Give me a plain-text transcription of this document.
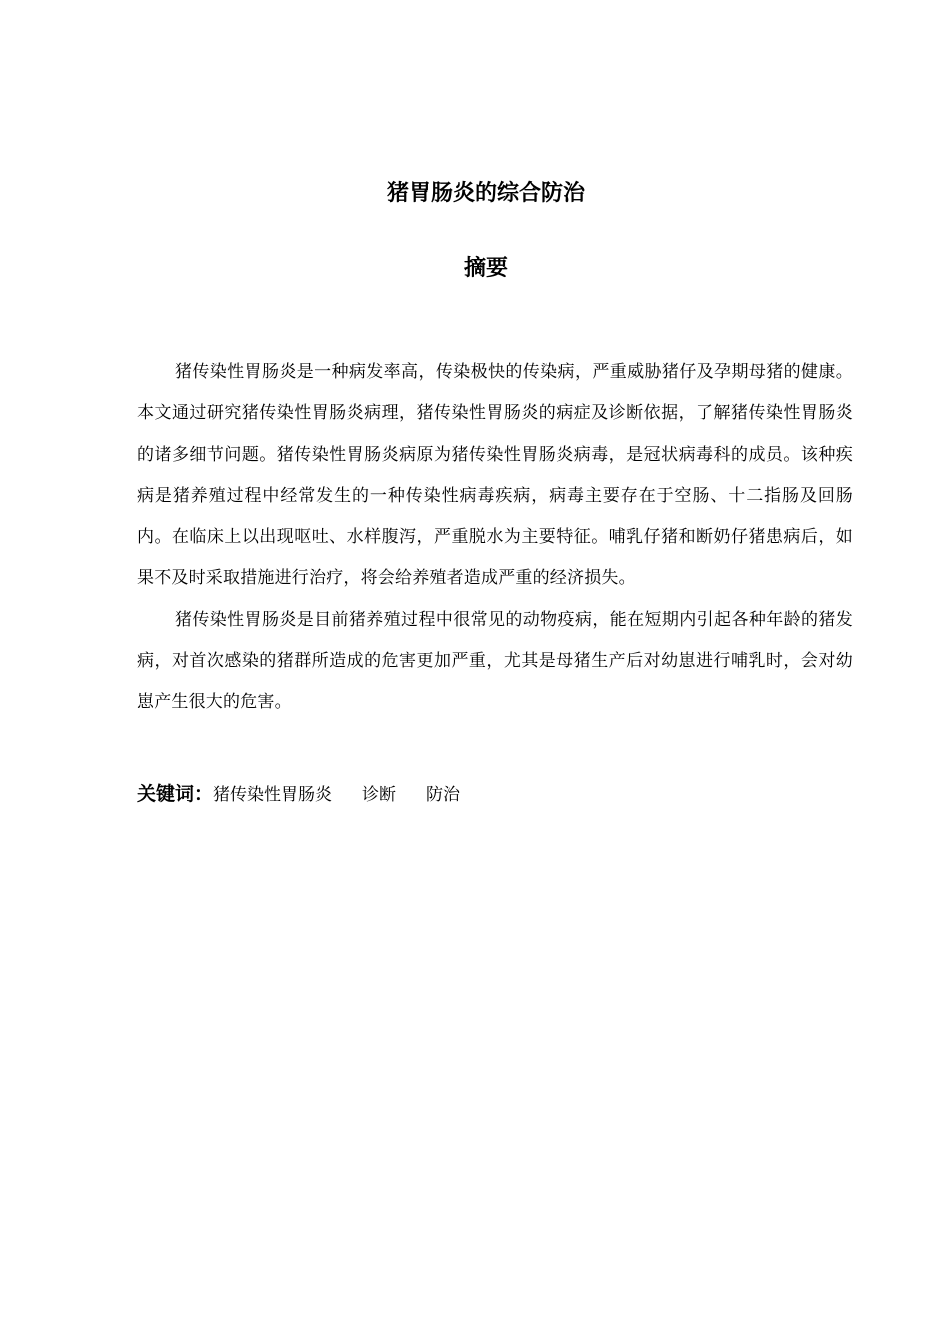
猪胃肠炎的综合防治
摘要

猪传染性胃肠炎是一种病发率高，传染极快的传染病，严重威胁猪仔及孕期母猪的健康。本文通过研究猪传染性胃肠炎病理，猪传染性胃肠炎的病症及诊断依据，了解猪传染性胃肠炎的诸多细节问题。猪传染性胃肠炎病原为猪传染性胃肠炎病毒，是冠状病毒科的成员。该种疾病是猪养殖过程中经常发生的一种传染性病毒疾病，病毒主要存在于空肠、十二指肠及回肠内。在临床上以出现呕吐、水样腹泻，严重脱水为主要特征。哺乳仔猪和断奶仔猪患病后，如果不及时采取措施进行治疗，将会给养殖者造成严重的经济损失。

猪传染性胃肠炎是目前猪养殖过程中很常见的动物疫病，能在短期内引起各种年龄的猪发病，对首次感染的猪群所造成的危害更加严重，尤其是母猪生产后对幼崽进行哺乳时，会对幼崽产生很大的危害。

关键词：猪传染性胃肠炎 诊断 防治
